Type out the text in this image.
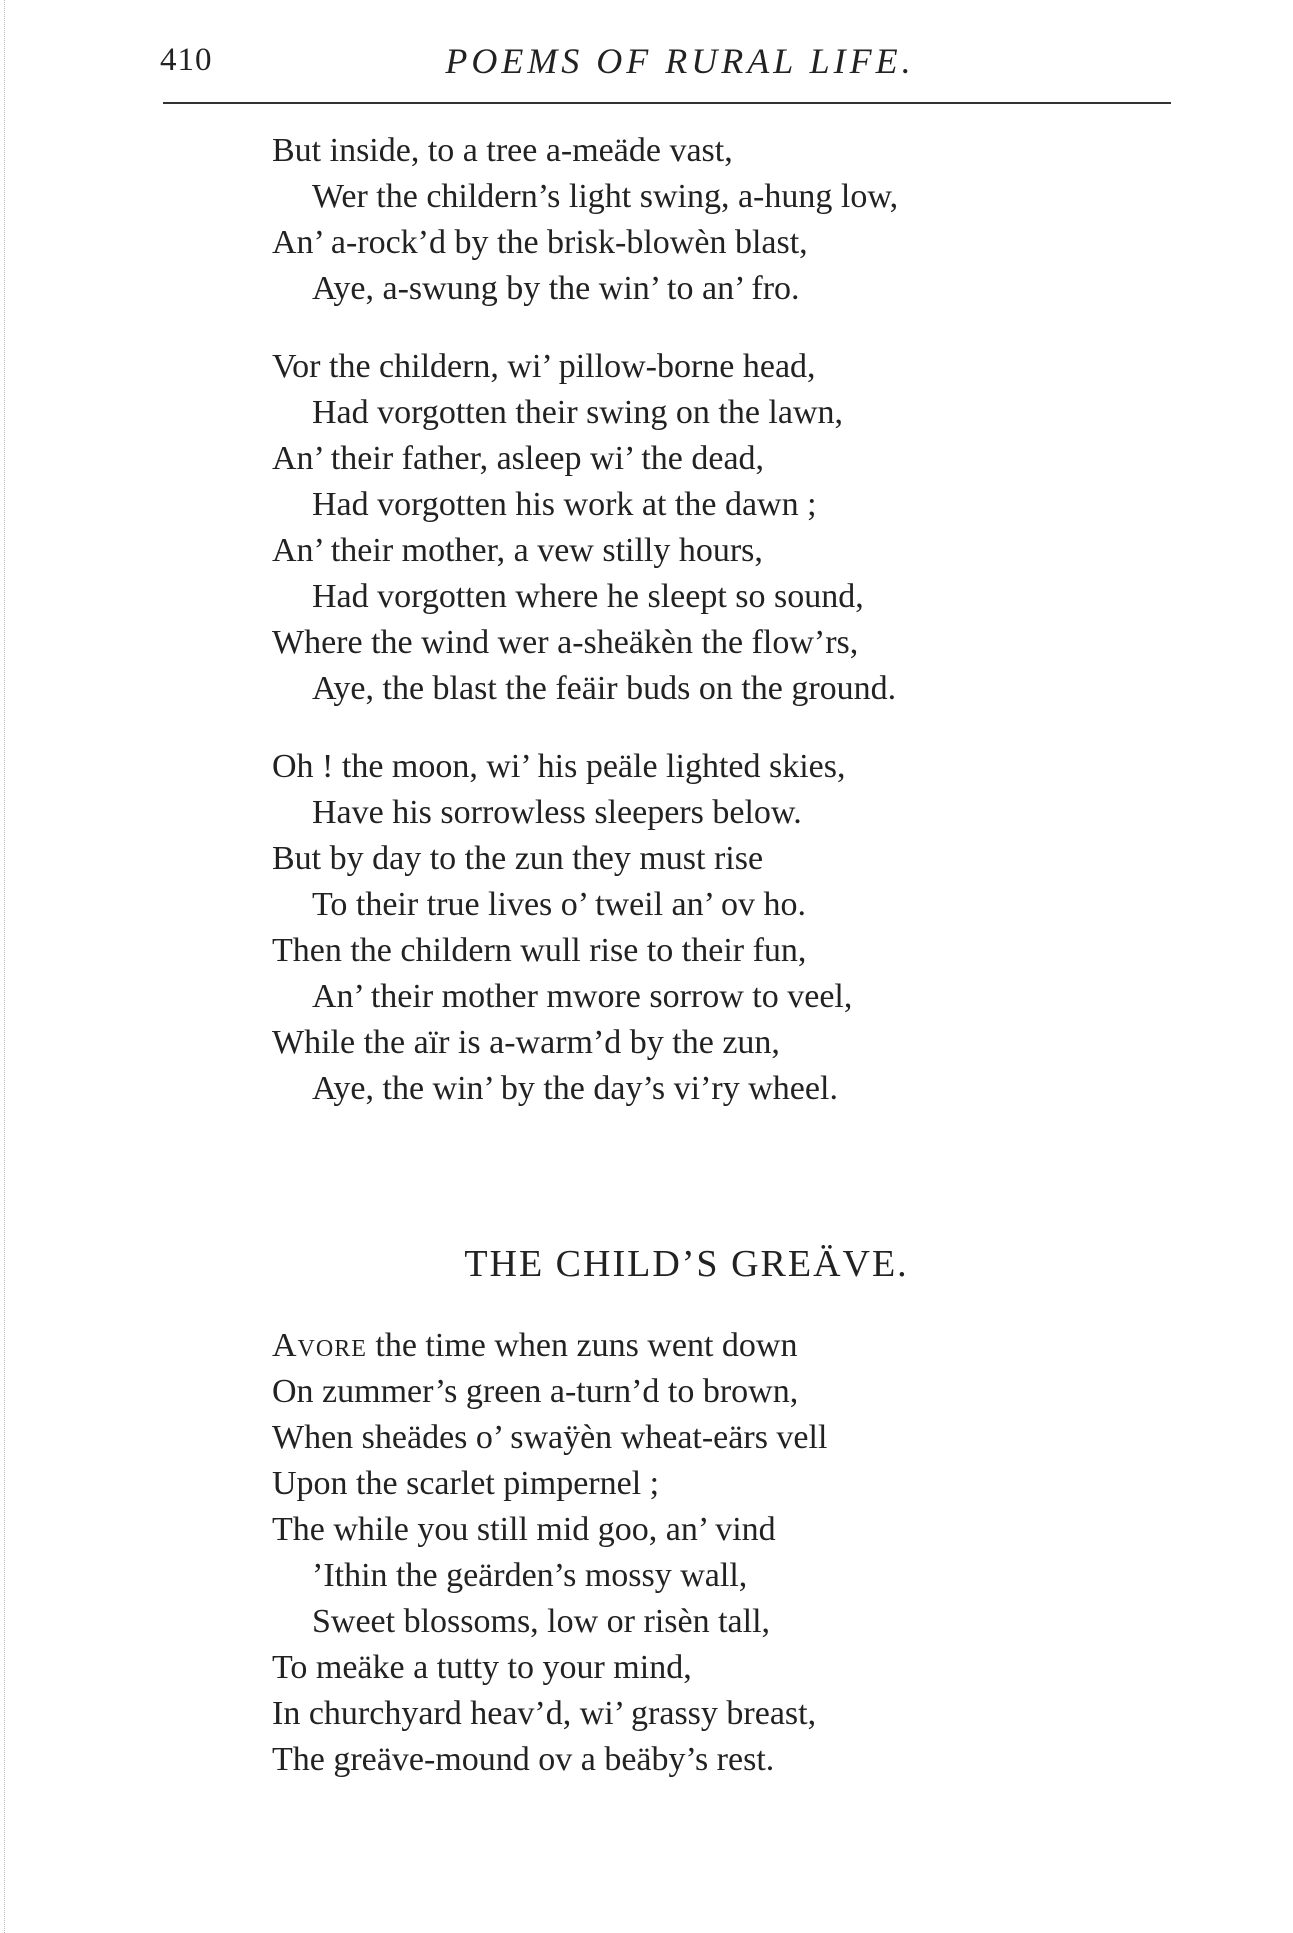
410	POEMS OF RURAL LIFE.
But inside, to a tree a-meäde vast,
Wer the childern’s light swing, a-hung low,
An’ a-rock’d by the brisk-blowèn blast,
Aye, a-swung by the win’ to an’ fro.
Vor the childern, wi’ pillow-borne head,
Had vorgotten their swing on the lawn,
An’ their father, asleep wi’ the dead,
Had vorgotten his work at the dawn ;
An’ their mother, a vew stilly hours,
Had vorgotten where he sleept so sound,
Where the wind wer a-sheäkèn the flow’rs,
Aye, the blast the feäir buds on the ground.
Oh ! the moon, wi’ his peäle lighted skies,
Have his sorrowless sleepers below.
But by day to the zun they must rise
To their true lives o’ tweil an’ ov ho.
Then the childern wull rise to their fun,
An’ their mother mwore sorrow to veel,
While the aïr is a-warm’d by the zun,
Aye, the win’ by the day’s vi’ry wheel.
THE CHILD’S GREÄVE.
Avore the time when zuns went down
On zummer’s green a-turn’d to brown,
When sheädes o’ swaÿèn wheat-eärs vell
Upon the scarlet pimpernel ;
The while you still mid goo, an’ vind
’Ithin the geärden’s mossy wall,
Sweet blossoms, low or risèn tall,
To meäke a tutty to your mind,
In churchyard heav’d, wi’ grassy breast,
The greäve-mound ov a beäby’s rest.
